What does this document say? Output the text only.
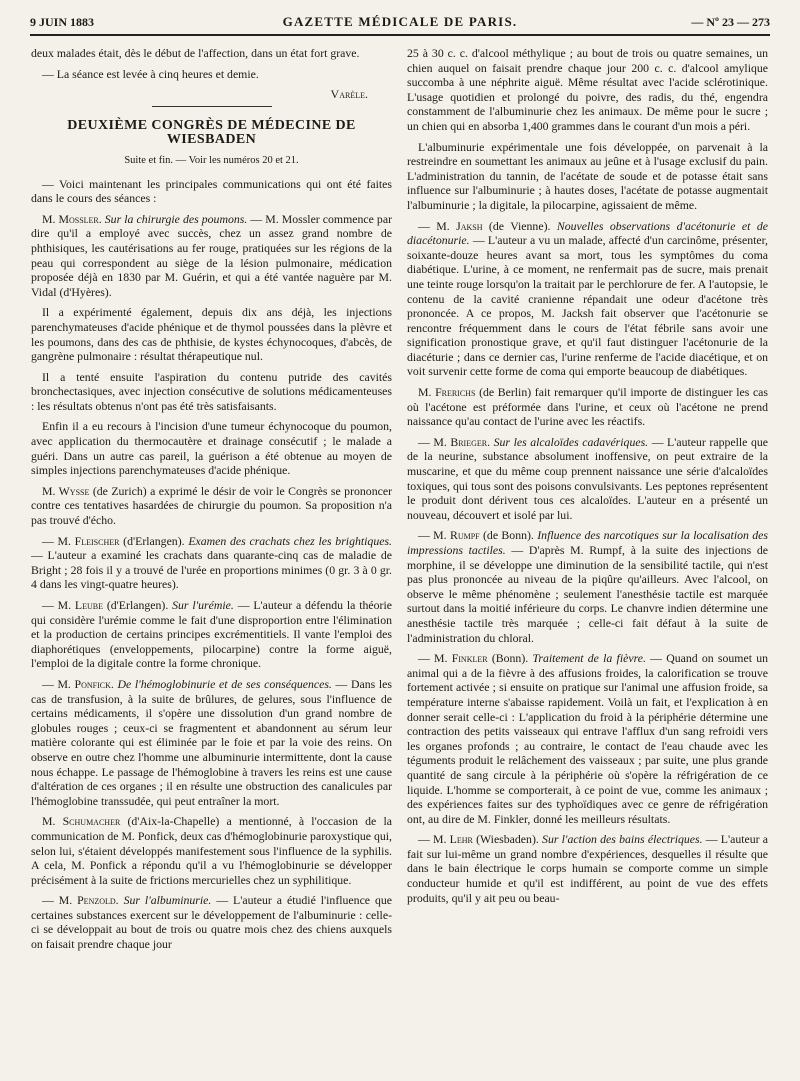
9 JUIN 1883	GAZETTE MÉDICALE DE PARIS.	— Nº 23 — 273

deux malades était, dès le début de l'affection, dans un état fort grave.

— La séance est levée à cinq heures et demie.

Varèle.
DEUXIÈME CONGRÈS DE MÉDECINE DE WIESBADEN
Suite et fin. — Voir les numéros 20 et 21.

— Voici maintenant les principales communications qui ont été faites dans le cours des séances :

M. Mossler. Sur la chirurgie des poumons. — M. Mossler commence par dire qu'il a employé avec succès, chez un assez grand nombre de phthisiques, les cautérisations au fer rouge, pratiquées sur les régions de la peau qui correspondent au siège de la lésion pulmonaire, médication proposée déjà en 1830 par M. Guérin, et qui a été vantée naguère par M. Vidal (d'Hyères).

Il a expérimenté également, depuis dix ans déjà, les injections parenchymateuses d'acide phénique et de thymol poussées dans la plèvre et les poumons, dans des cas de phthisie, de kystes échynocoques, d'abcès, de gangrène pulmonaire : résultat thérapeutique nul.

Il a tenté ensuite l'aspiration du contenu putride des cavités bronchectasiques, avec injection consécutive de solutions médicamenteuses : les résultats obtenus n'ont pas été très satisfaisants.

Enfin il a eu recours à l'incision d'une tumeur échynocoque du poumon, avec application du thermocautère et drainage consécutif ; le malade a guéri. Dans un autre cas pareil, la guérison a été obtenue au moyen de simples injections parenchymateuses d'acide phénique.

M. Wysse (de Zurich) a exprimé le désir de voir le Congrès se prononcer contre ces tentatives hasardées de chirurgie du poumon. Sa proposition n'a pas trouvé d'écho.

— M. Fleischer (d'Erlangen). Examen des crachats chez les brightiques. — L'auteur a examiné les crachats dans quarante-cinq cas de maladie de Bright ; 28 fois il y a trouvé de l'urée en proportions minimes (0 gr. 3 à 0 gr. 4 dans les vingt-quatre heures).

— M. Leube (d'Erlangen). Sur l'urémie. — L'auteur a défendu la théorie qui considère l'urémie comme le fait d'une disproportion entre l'élimination et la production de certains principes excrémentitiels. Il vante l'emploi des diaphorétiques (enveloppements, pilocarpine) contre la forme aiguë, l'emploi de la digitale contre la forme chronique.

— M. Ponfick. De l'hémoglobinurie et de ses conséquences. — Dans les cas de transfusion, à la suite de brûlures, de gelures, sous l'influence de certains médicaments, il s'opère une dissolution d'un grand nombre de globules rouges ; ceux-ci se fragmentent et abandonnent au sérum leur matière colorante qui est éliminée par le foie et par la voie des reins. On observe en outre chez l'homme une albuminurie intermittente, dont la cause nous échappe. Le passage de l'hémoglobine à travers les reins est une cause d'altération de ces organes ; il en résulte une obstruction des canalicules par l'hémoglobine transsudée, qui peut entraîner la mort.

M. Schumacher (d'Aix-la-Chapelle) a mentionné, à l'occasion de la communication de M. Ponfick, deux cas d'hémoglobinurie paroxystique qui, selon lui, s'étaient développés manifestement sous l'influence de la syphilis. A cela, M. Ponfick a répondu qu'il a vu l'hémoglobinurie se développer précisément à la suite de frictions mercurielles chez un syphilitique.

— M. Penzold. Sur l'albuminurie. — L'auteur a étudié l'influence que certaines substances exercent sur le développement de l'albuminurie : celle-ci se développait au bout de trois ou quatre mois chez des chiens auxquels on faisait prendre chaque jour

25 à 30 c. c. d'alcool méthylique ; au bout de trois ou quatre semaines, un chien auquel on faisait prendre chaque jour 200 c. c. d'alcool amylique succomba à une néphrite aiguë. Même résultat avec l'acide sclérotinique. L'usage quotidien et prolongé du poivre, des radis, du thé, engendra constamment de l'albuminurie chez les animaux. De même pour le sucre ; un chien qui en absorba 1,400 grammes dans le courant d'un mois a péri.

L'albuminurie expérimentale une fois développée, on parvenait à la restreindre en soumettant les animaux au jeûne et à l'usage exclusif du pain. L'administration du tannin, de l'acétate de soude et de potasse était sans influence sur l'albuminurie ; à hautes doses, l'acétate de potasse augmentait l'albuminurie ; la digitale, la pilocarpine, agissaient de même.

— M. Jaksh (de Vienne). Nouvelles observations d'acétonurie et de diacétonurie. — L'auteur a vu un malade, affecté d'un carcinôme, présenter, soixante-douze heures avant sa mort, tous les symptômes du coma diabétique. L'urine, à ce moment, ne renfermait pas de sucre, mais prenait une teinte rouge lorsqu'on la traitait par le perchlorure de fer. A l'autopsie, le contenu de la cavité cranienne répandait une odeur d'acétone très prononcée. A ce propos, M. Jacksh fait observer que l'acétonurie se rencontre fréquemment dans le cours de l'état fébrile sans avoir une signification pronostique grave, et qu'il faut distinguer l'acétonurie de la diacéturie ; dans ce dernier cas, l'urine renferme de l'acide diacétique, et on voit survenir cette forme de coma qui emporte beaucoup de diabétiques.

M. Frerichs (de Berlin) fait remarquer qu'il importe de distinguer les cas où l'acétone est préformée dans l'urine, et ceux où l'acétone ne prend naissance qu'au contact de l'urine avec les réactifs.

— M. Brieger. Sur les alcaloïdes cadavériques. — L'auteur rappelle que de la neurine, substance absolument inoffensive, on peut extraire de la muscarine, et que du même coup prennent naissance une série d'alcaloïdes toxiques, qui tous sont des poisons convulsivants. Les peptones représentent le produit dont dérivent tous ces alcaloïdes. L'auteur en a présenté un nouveau, découvert et isolé par lui.

— M. Rumpf (de Bonn). Influence des narcotiques sur la localisation des impressions tactiles. — D'après M. Rumpf, à la suite des injections de morphine, il se développe une diminution de la sensibilité tactile, qui n'est pas plus prononcée au niveau de la piqûre qu'ailleurs. Avec l'alcool, on observe le même phénomène ; seulement l'anesthésie tactile est marquée surtout dans la moitié inférieure du corps. Le chanvre indien détermine une anesthésie tactile très marquée ; celle-ci fait défaut à la suite de l'administration du chloral.

— M. Finkler (Bonn). Traitement de la fièvre. — Quand on soumet un animal qui a de la fièvre à des affusions froides, la calorification se trouve fortement activée ; si ensuite on pratique sur l'animal une affusion froide, sa température interne s'abaisse rapidement. Voilà un fait, et l'explication à en donner serait celle-ci : L'application du froid à la périphérie détermine une contraction des petits vaisseaux qui entrave l'afflux d'un sang refroidi vers les organes profonds ; au contraire, le contact de l'eau chaude avec les téguments produit le relâchement des vaisseaux ; par suite, une plus grande quantité de sang circule à la périphérie où s'opère la réfrigération de ce liquide. L'homme se comporterait, à ce point de vue, comme les animaux ; des expériences faites sur des typhoïdiques avec ce genre de réfrigération ont, au dire de M. Finkler, donné les meilleurs résultats.

— M. Lehr (Wiesbaden). Sur l'action des bains électriques. — L'auteur a fait sur lui-même un grand nombre d'expériences, desquelles il résulte que dans le bain électrique le corps humain se comporte comme un simple conducteur humide et qu'il est indifférent, au point de vue des effets produits, qu'il y ait peu ou beau-
